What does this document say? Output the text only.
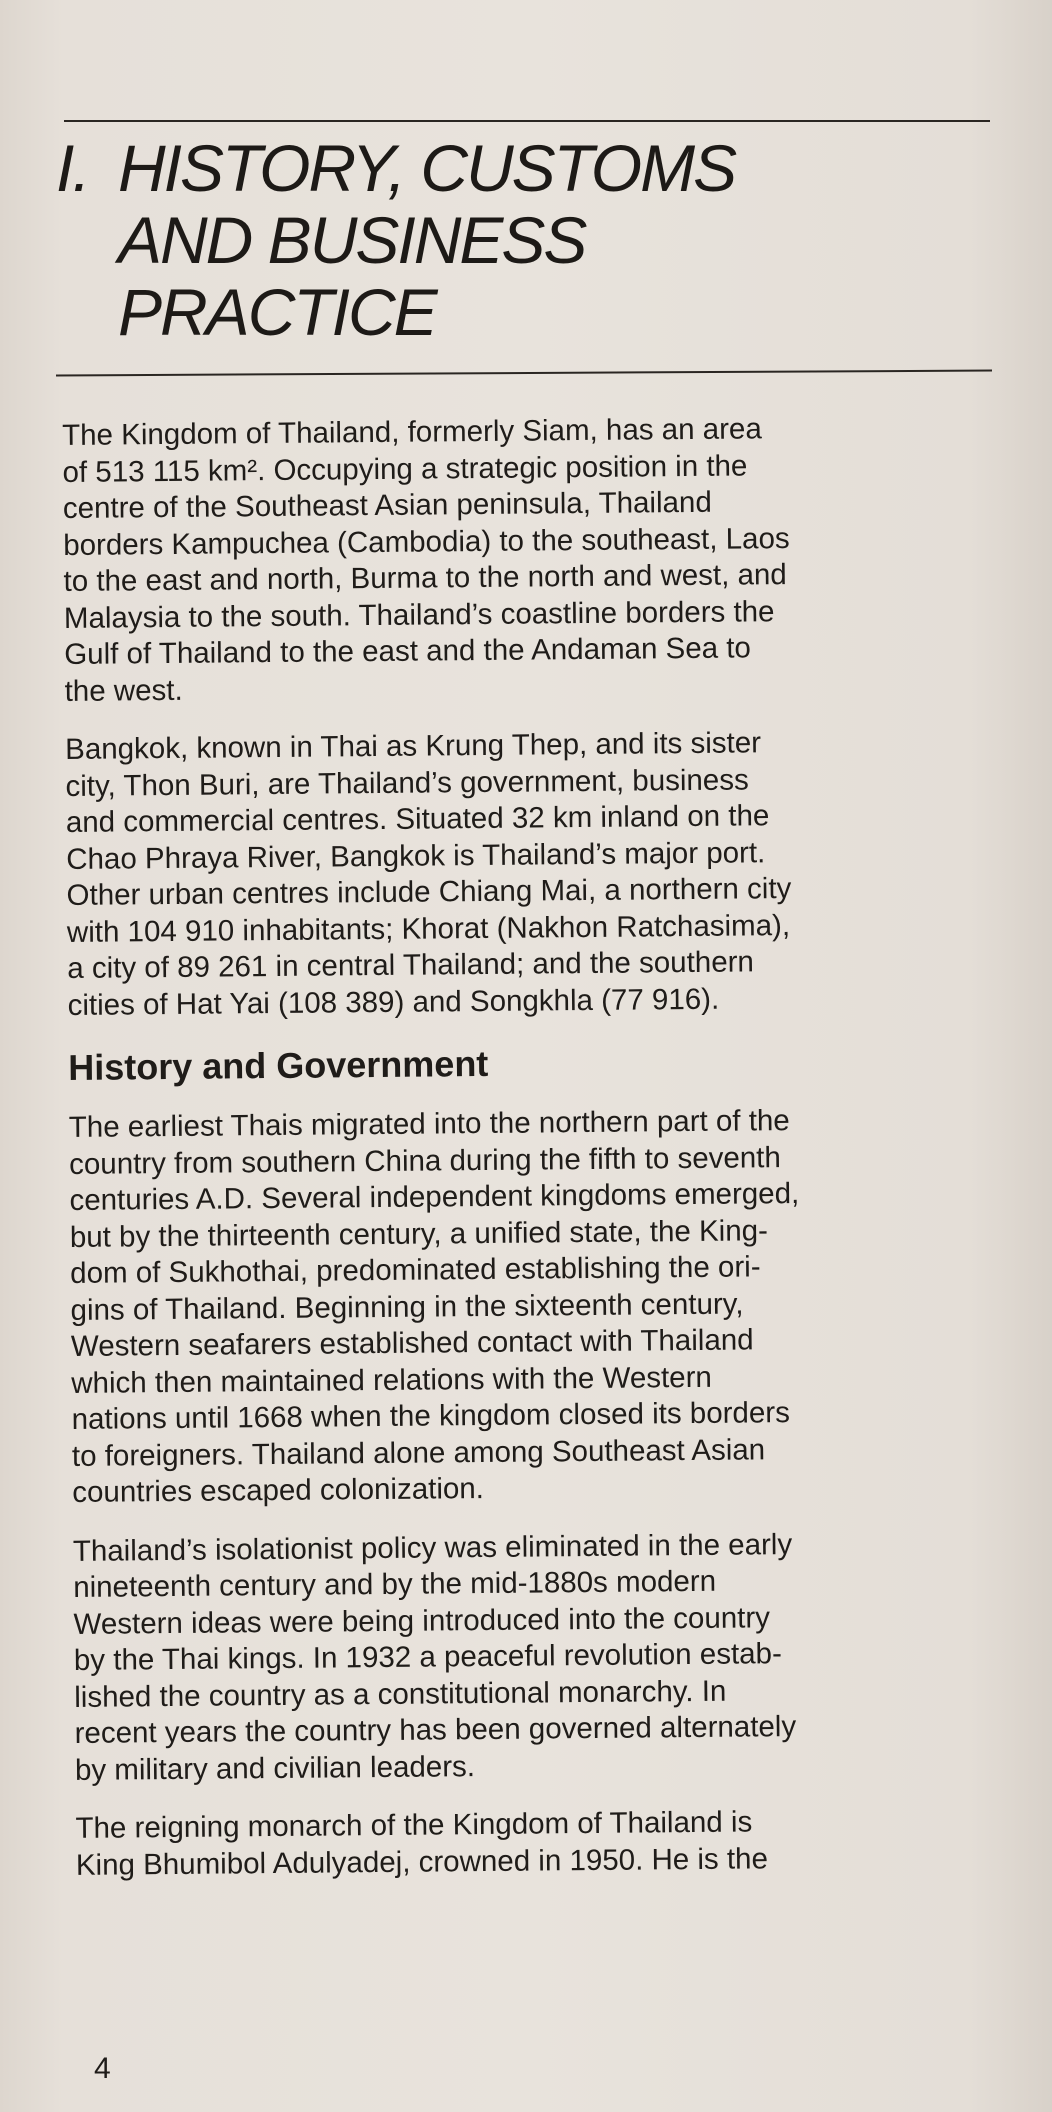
I. HISTORY, CUSTOMS
AND BUSINESS
PRACTICE

The Kingdom of Thailand, formerly Siam, has an area
of 513 115 km². Occupying a strategic position in the
centre of the Southeast Asian peninsula, Thailand
borders Kampuchea (Cambodia) to the southeast, Laos
to the east and north, Burma to the north and west, and
Malaysia to the south. Thailand’s coastline borders the
Gulf of Thailand to the east and the Andaman Sea to
the west.

Bangkok, known in Thai as Krung Thep, and its sister
city, Thon Buri, are Thailand’s government, business
and commercial centres. Situated 32 km inland on the
Chao Phraya River, Bangkok is Thailand’s major port.
Other urban centres include Chiang Mai, a northern city
with 104 910 inhabitants; Khorat (Nakhon Ratchasima),
a city of 89 261 in central Thailand; and the southern
cities of Hat Yai (108 389) and Songkhla (77 916).

History and Government

The earliest Thais migrated into the northern part of the
country from southern China during the fifth to seventh
centuries A.D. Several independent kingdoms emerged,
but by the thirteenth century, a unified state, the King-
dom of Sukhothai, predominated establishing the ori-
gins of Thailand. Beginning in the sixteenth century,
Western seafarers established contact with Thailand
which then maintained relations with the Western
nations until 1668 when the kingdom closed its borders
to foreigners. Thailand alone among Southeast Asian
countries escaped colonization.

Thailand’s isolationist policy was eliminated in the early
nineteenth century and by the mid-1880s modern
Western ideas were being introduced into the country
by the Thai kings. In 1932 a peaceful revolution estab-
lished the country as a constitutional monarchy. In
recent years the country has been governed alternately
by military and civilian leaders.

The reigning monarch of the Kingdom of Thailand is
King Bhumibol Adulyadej, crowned in 1950. He is the

4
